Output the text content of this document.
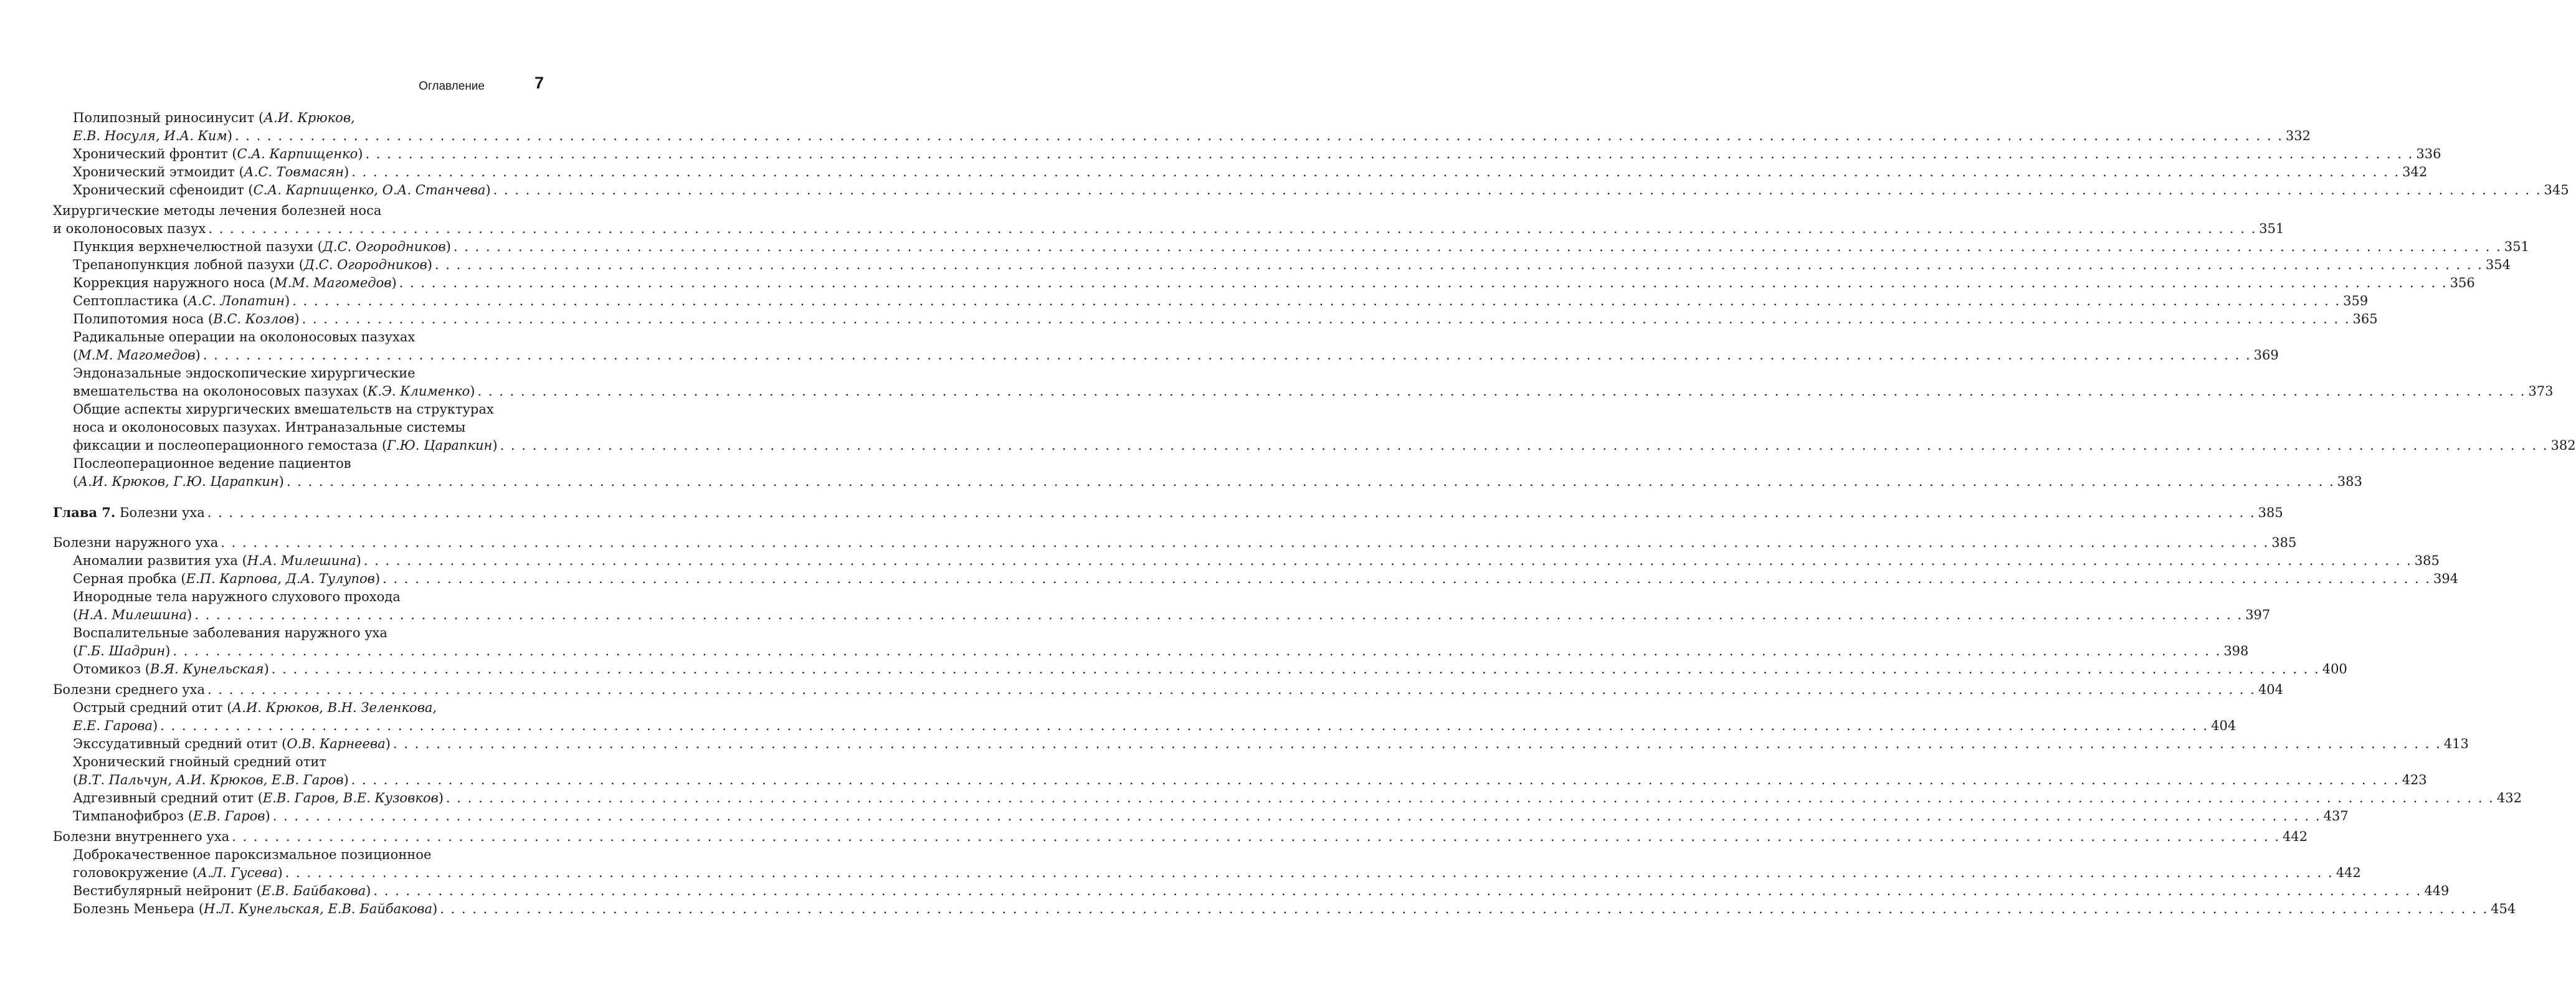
Оглавление	7
Полипозный риносинусит (А.И. Крюков,
Е.В. Носуля, И.А. Ким) . . .	332
Хронический фронтит (С.А. Карпищенко) . . .	336
Хронический этмоидит (А.С. Товмасян) . . .	342
Хронический сфеноидит (С.А. Карпищенко, О.А. Станчева) . . .	345
Хирургические методы лечения болезней носа
и околоносовых пазух . . .	351
Пункция верхнечелюстной пазухи (Д.С. Огородников) . . .	351
Трепанопункция лобной пазухи (Д.С. Огородников) . . .	354
Коррекция наружного носа (М.М. Магомедов) . . .	356
Септопластика (А.С. Лопатин) . . .	359
Полипотомия носа (В.С. Козлов) . . .	365
Радикальные операции на околоносовых пазухах
(М.М. Магомедов) . . .	369
Эндоназальные эндоскопические хирургические
вмешательства на околоносовых пазухах (К.Э. Клименко) . . .	373
Общие аспекты хирургических вмешательств на структурах
носа и околоносовых пазухах. Интраназальные системы
фиксации и послеоперационного гемостаза (Г.Ю. Царапкин) . . .	382
Послеоперационное ведение пациентов
(А.И. Крюков, Г.Ю. Царапкин) . . .	383
Глава 7. Болезни уха . . .	385
Болезни наружного уха . . .	385
Аномалии развития уха (Н.А. Милешина) . . .	385
Серная пробка (Е.П. Карпова, Д.А. Тулупов) . . .	394
Инородные тела наружного слухового прохода
(Н.А. Милешина) . . .	397
Воспалительные заболевания наружного уха
(Г.Б. Шадрин) . . .	398
Отомикоз (В.Я. Кунельская) . . .	400
Болезни среднего уха . . .	404
Острый средний отит (А.И. Крюков, В.Н. Зеленкова,
Е.Е. Гарова) . . .	404
Экссудативный средний отит (О.В. Карнеева) . . .	413
Хронический гнойный средний отит
(В.Т. Пальчун, А.И. Крюков, Е.В. Гаров) . . .	423
Адгезивный средний отит (Е.В. Гаров, В.Е. Кузовков) . . .	432
Тимпанофиброз (Е.В. Гаров) . . .	437
Болезни внутреннего уха . . .	442
Доброкачественное пароксизмальное позиционное
головокружение (А.Л. Гусева) . . .	442
Вестибулярный нейронит (Е.В. Байбакова) . . .	449
Болезнь Меньера (Н.Л. Кунельская, Е.В. Байбакова) . . .	454
